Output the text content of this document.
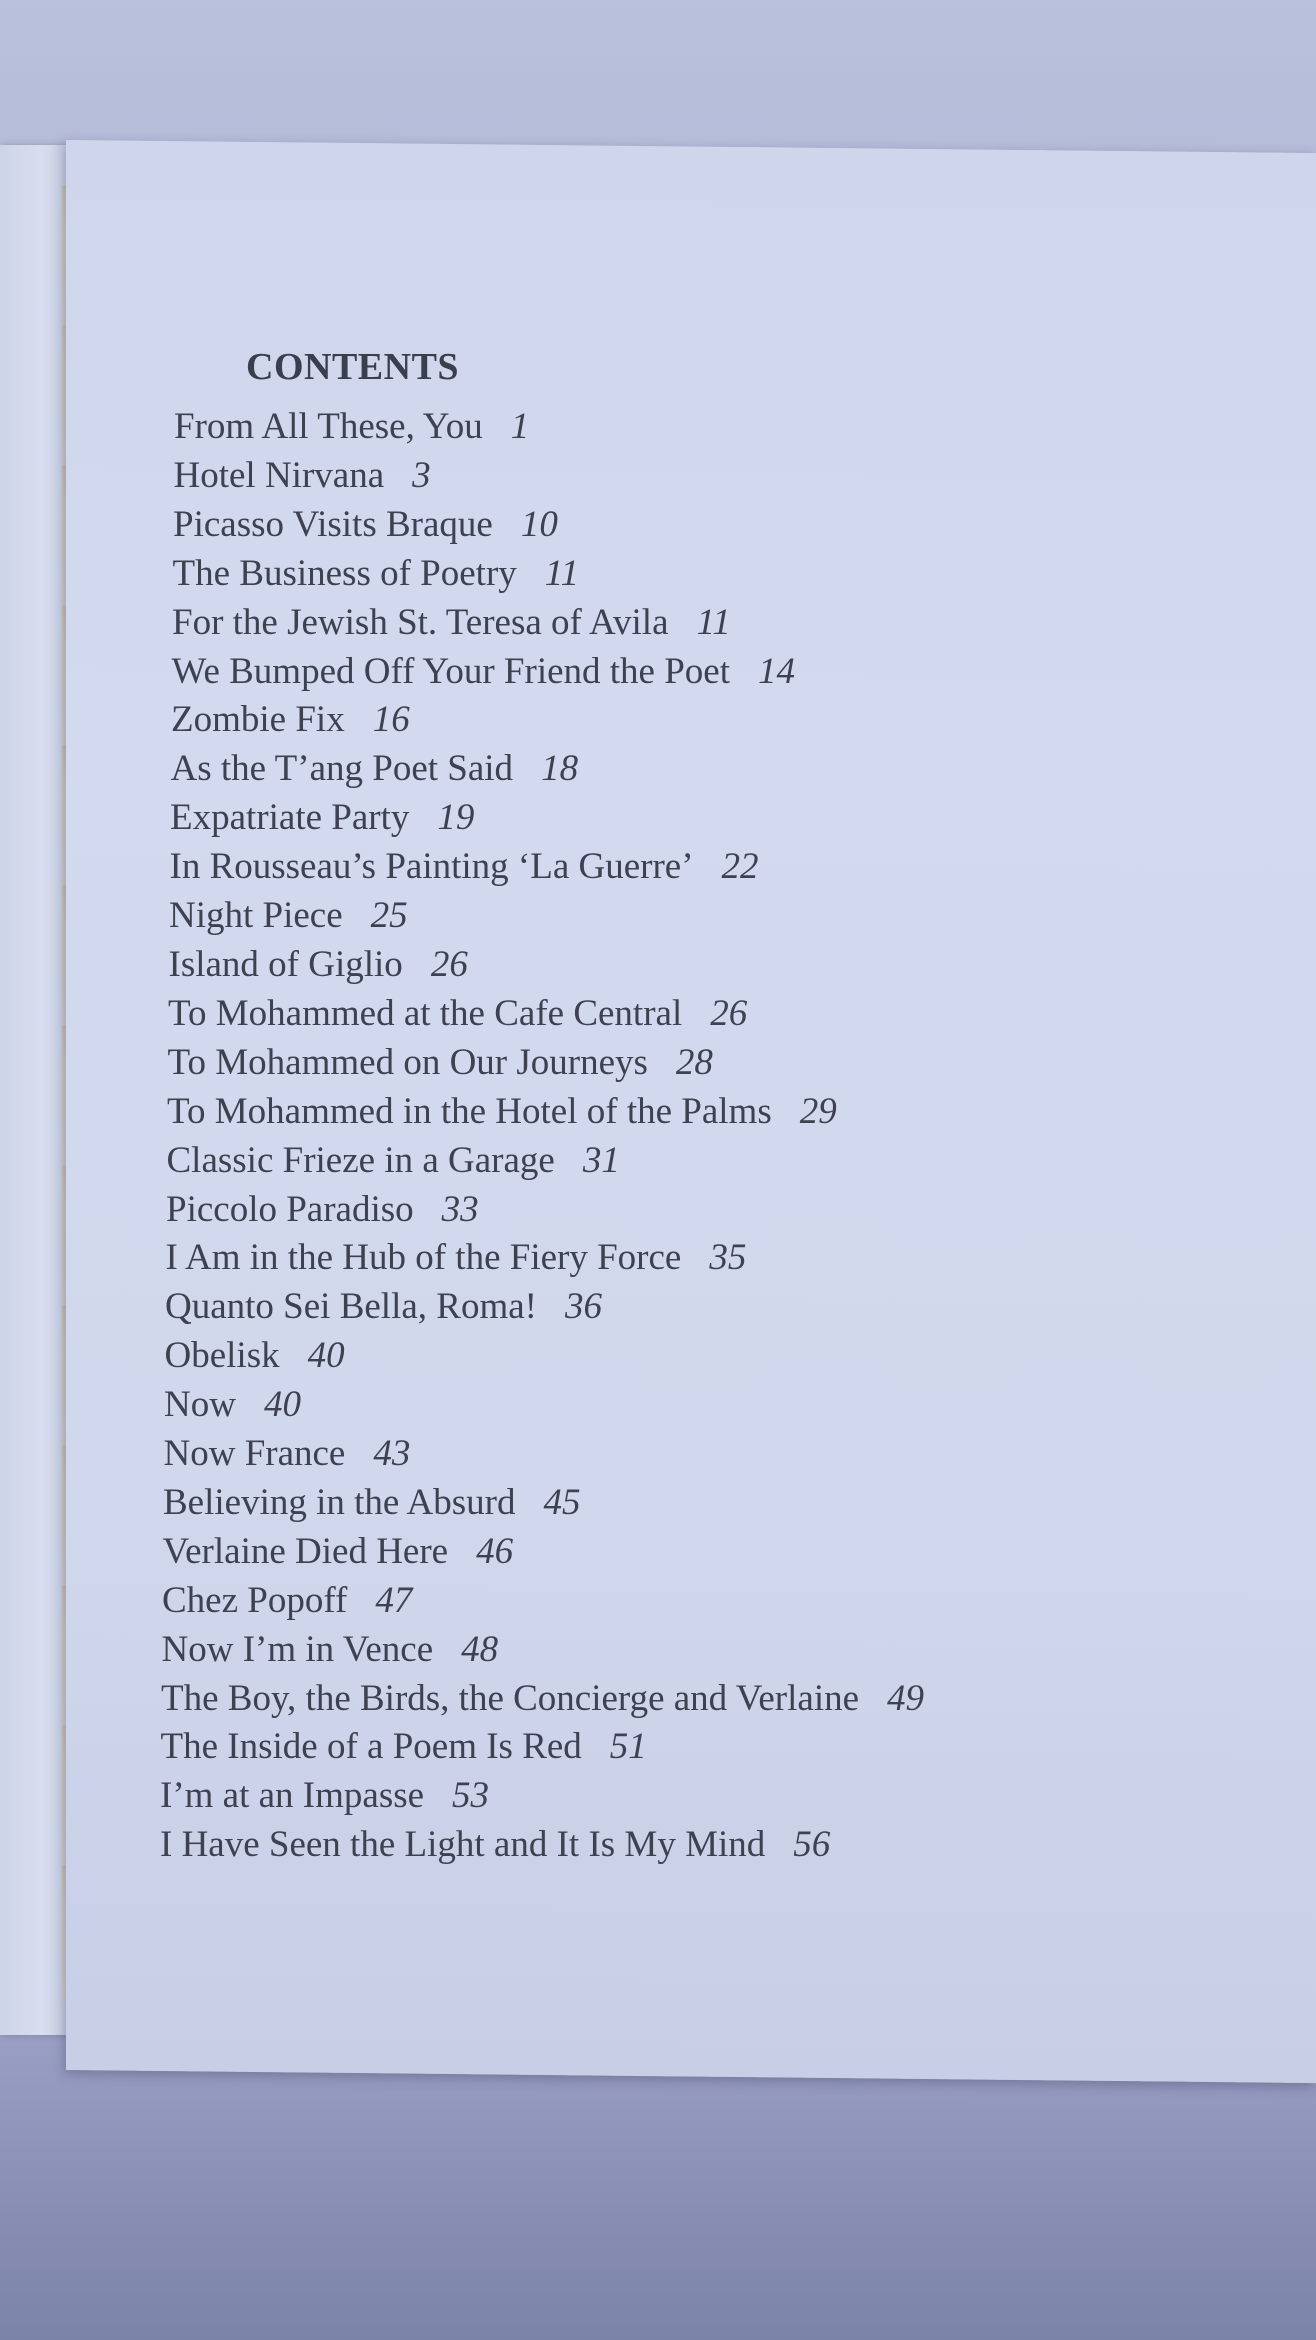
CONTENTS
From All These, You 1
Hotel Nirvana 3
Picasso Visits Braque 10
The Business of Poetry 11
For the Jewish St. Teresa of Avila 11
We Bumped Off Your Friend the Poet 14
Zombie Fix 16
As the T’ang Poet Said 18
Expatriate Party 19
In Rousseau’s Painting ‘La Guerre’ 22
Night Piece 25
Island of Giglio 26
To Mohammed at the Cafe Central 26
To Mohammed on Our Journeys 28
To Mohammed in the Hotel of the Palms 29
Classic Frieze in a Garage 31
Piccolo Paradiso 33
I Am in the Hub of the Fiery Force 35
Quanto Sei Bella, Roma! 36
Obelisk 40
Now 40
Now France 43
Believing in the Absurd 45
Verlaine Died Here 46
Chez Popoff 47
Now I’m in Vence 48
The Boy, the Birds, the Concierge and Verlaine 49
The Inside of a Poem Is Red 51
I’m at an Impasse 53
I Have Seen the Light and It Is My Mind 56
